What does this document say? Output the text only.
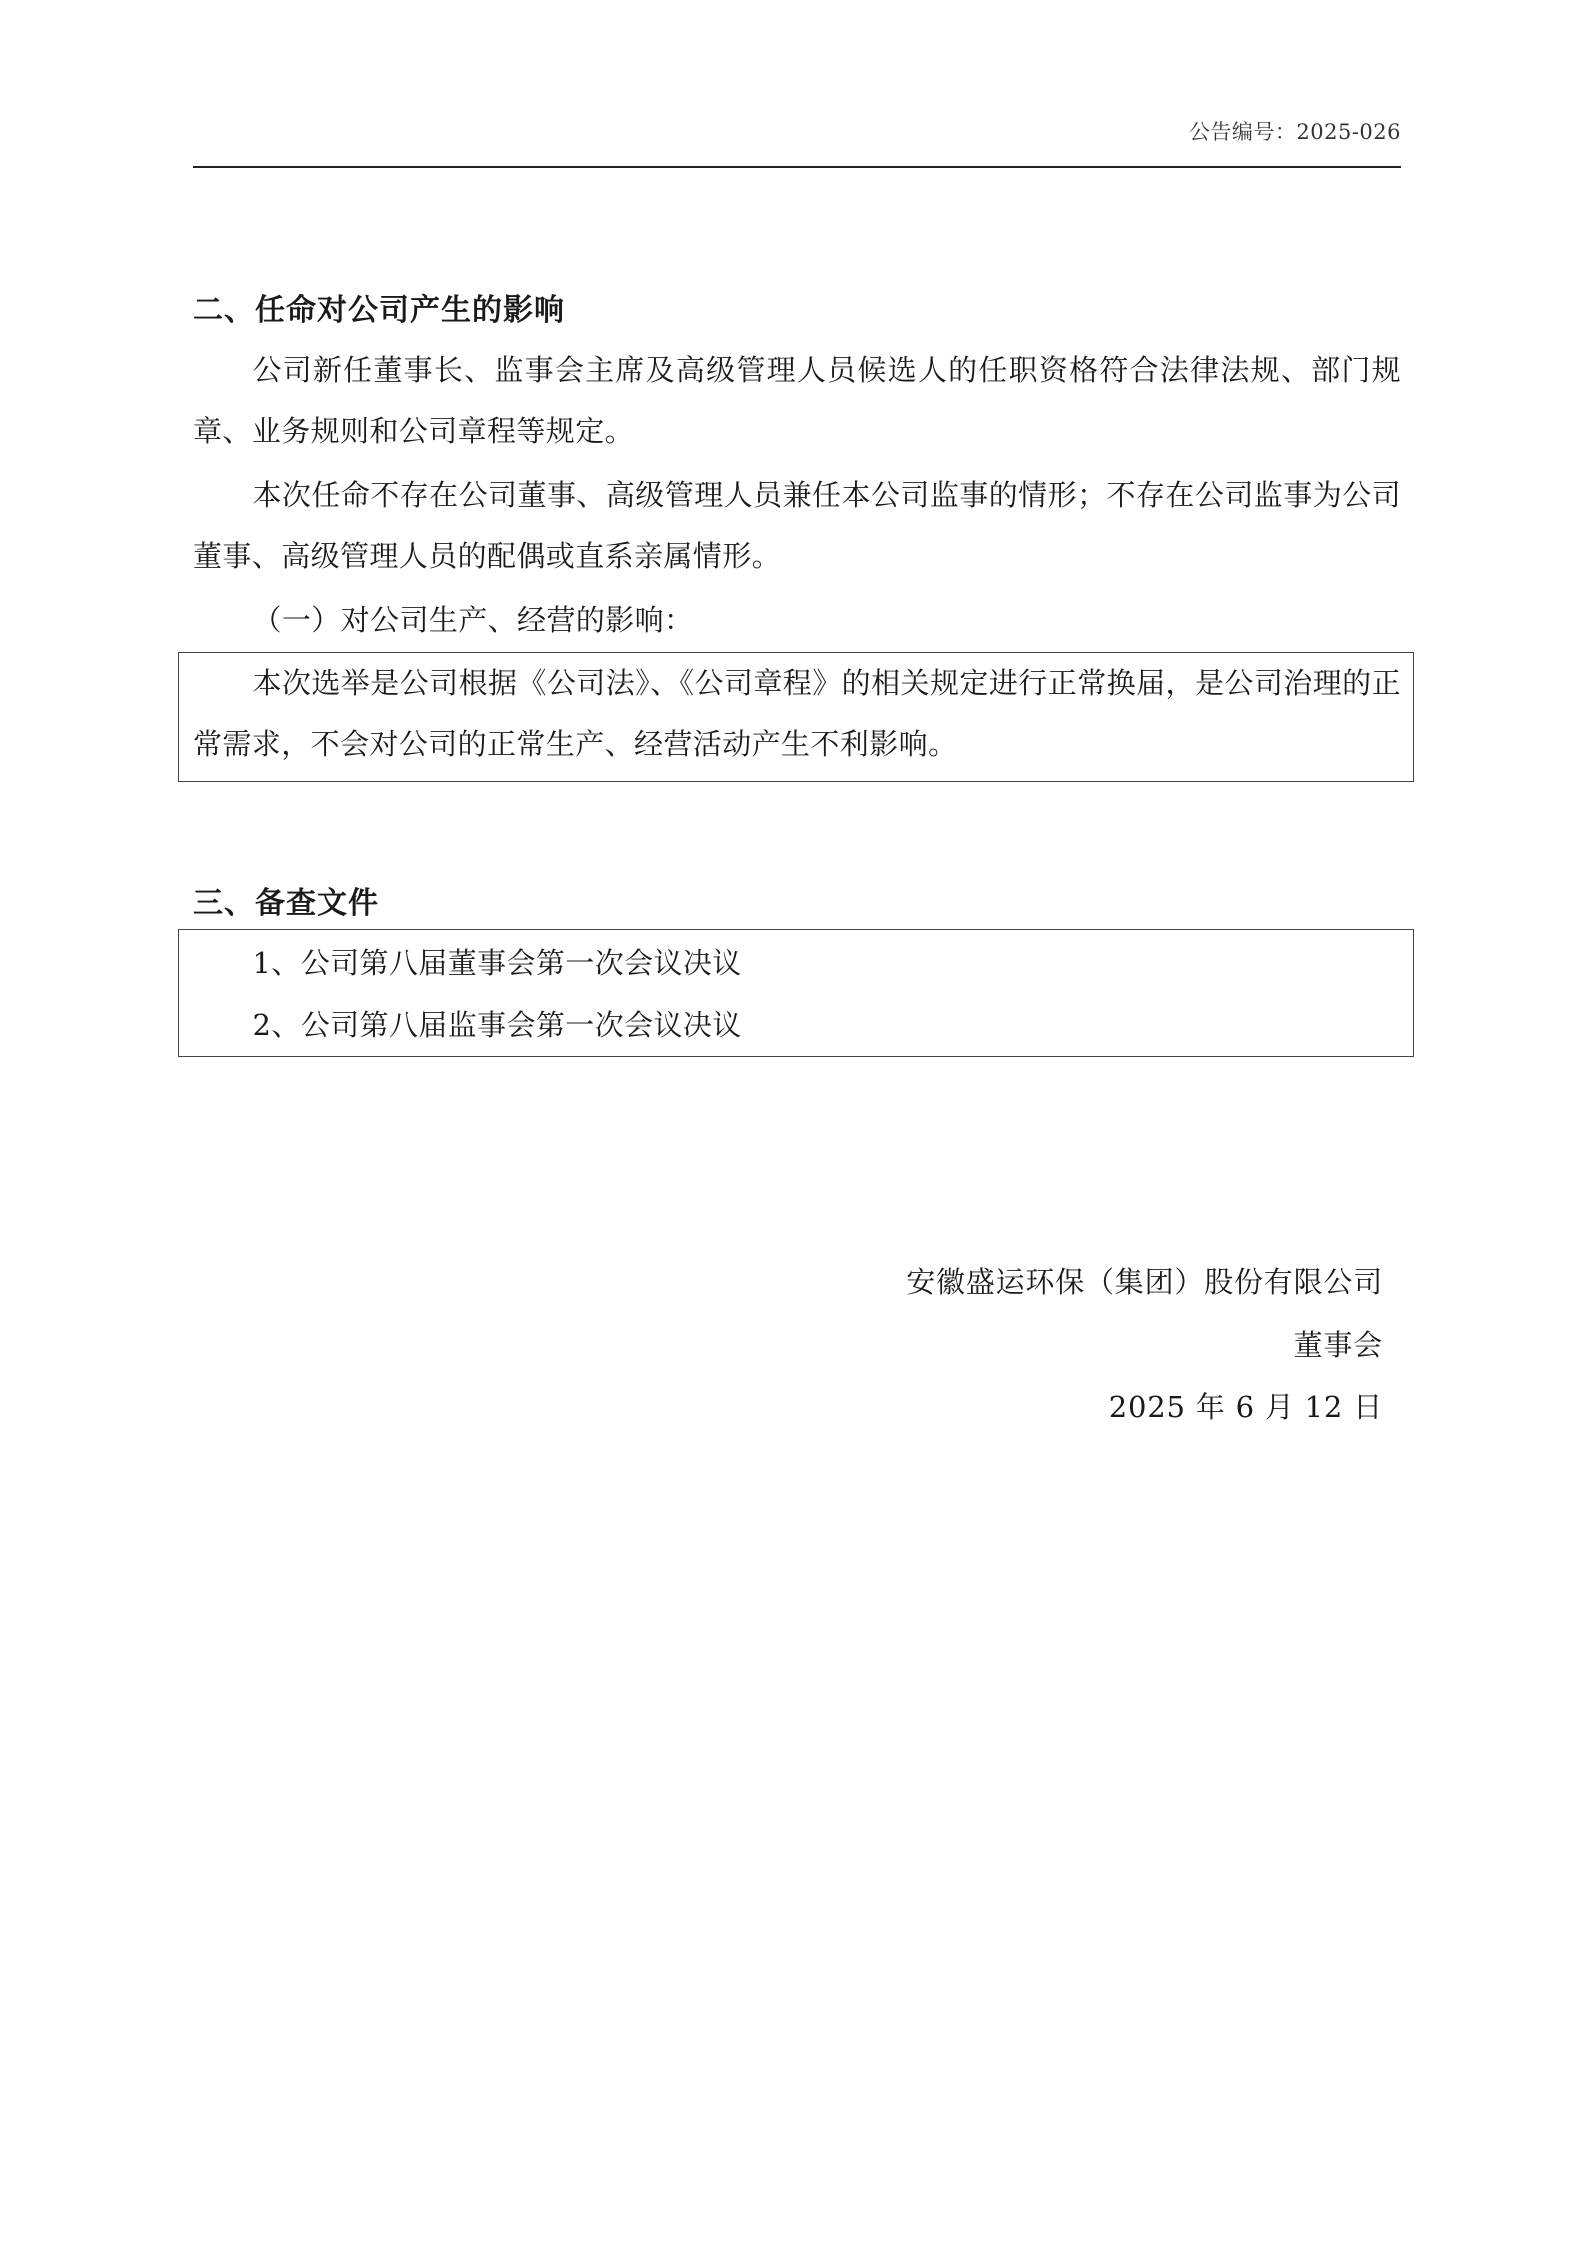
公告编号：2025-026
二、任命对公司产生的影响
公司新任董事长、监事会主席及高级管理人员候选人的任职资格符合法律法规、部门规章、业务规则和公司章程等规定。
本次任命不存在公司董事、高级管理人员兼任本公司监事的情形；不存在公司监事为公司董事、高级管理人员的配偶或直系亲属情形。
（一）对公司生产、经营的影响：
本次选举是公司根据《公司法》、《公司章程》的相关规定进行正常换届，是公司治理的正常需求，不会对公司的正常生产、经营活动产生不利影响。
三、备查文件
1、公司第八届董事会第一次会议决议
2、公司第八届监事会第一次会议决议
安徽盛运环保（集团）股份有限公司
董事会
2025 年 6 月 12 日
